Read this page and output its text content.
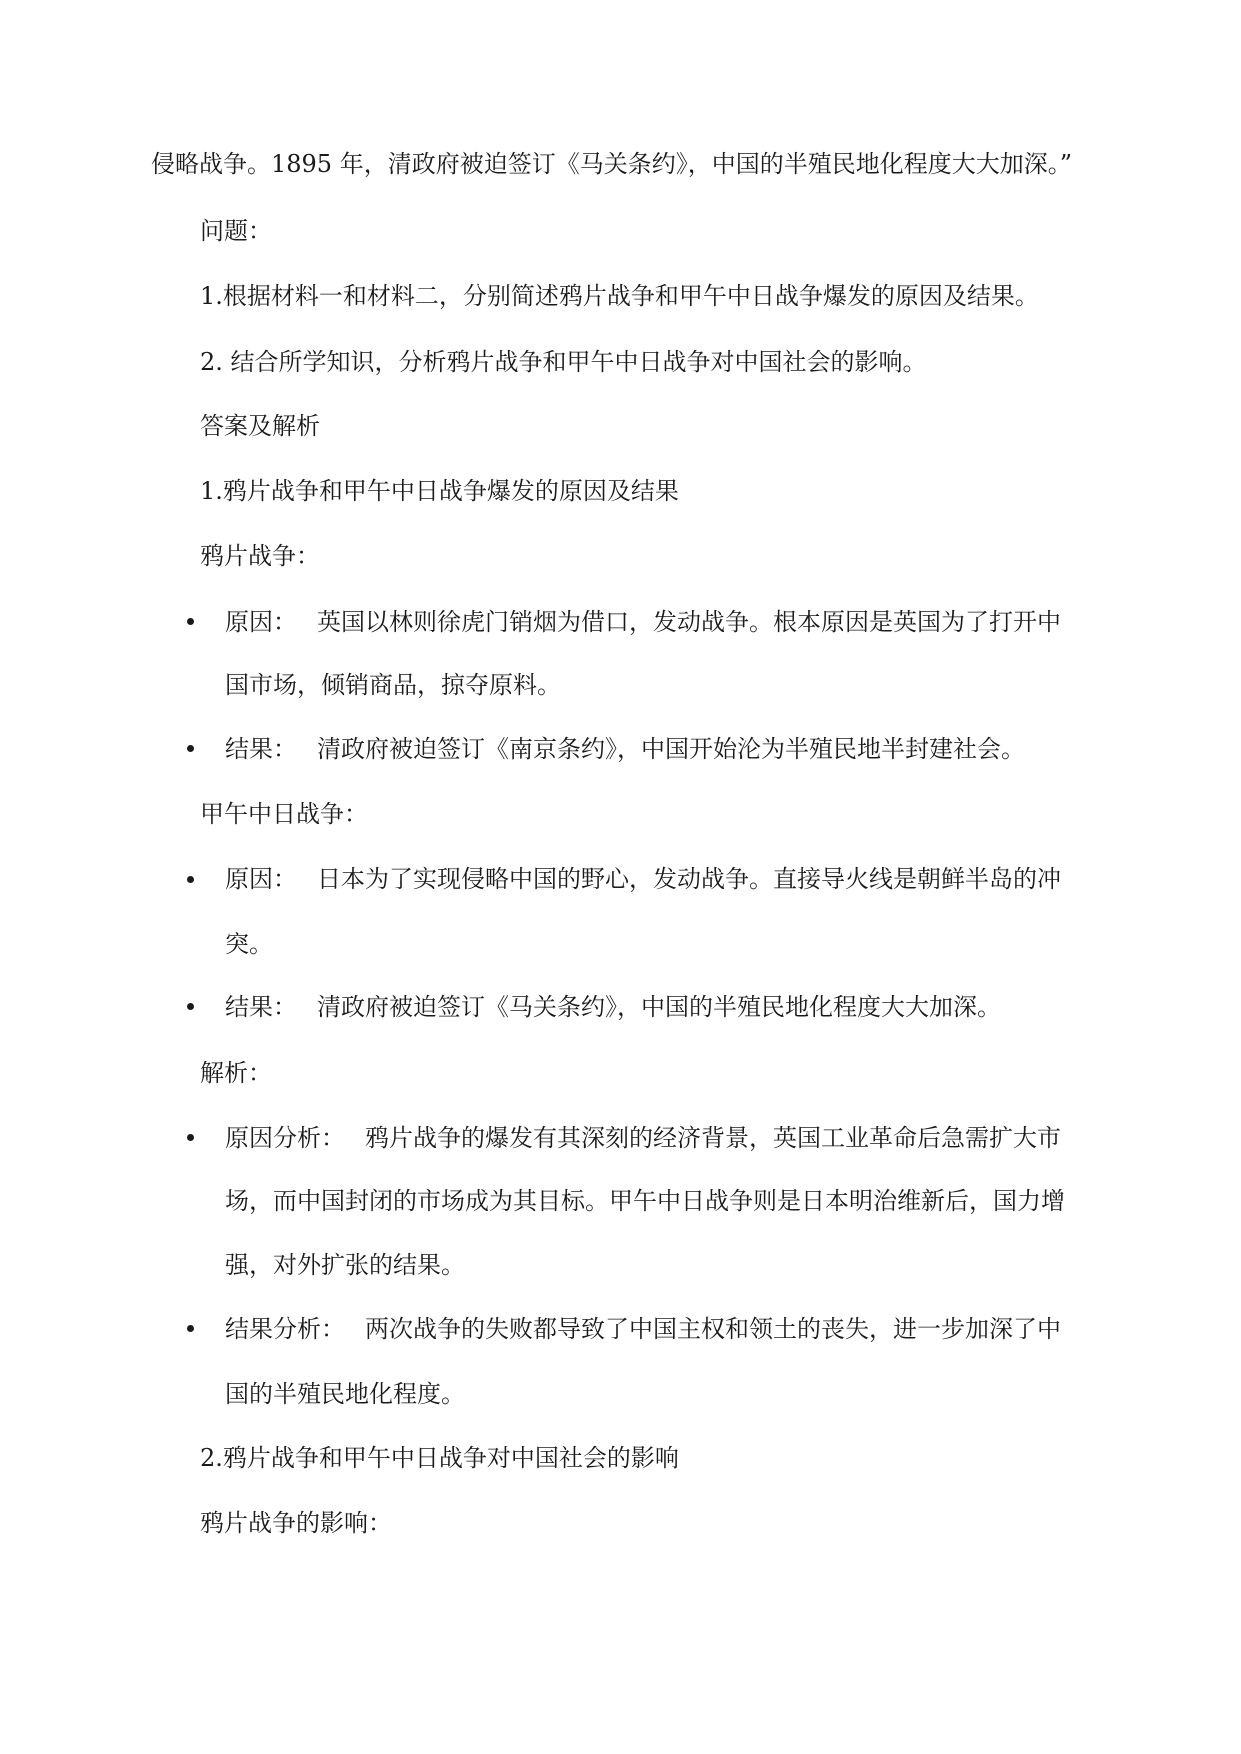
侵略战争。1895 年，清政府被迫签订《马关条约》，中国的半殖民地化程度大大加深。”

问题：

1.根据材料一和材料二，分别简述鸦片战争和甲午中日战争爆发的原因及结果。

2. 结合所学知识，分析鸦片战争和甲午中日战争对中国社会的影响。

答案及解析

1.鸦片战争和甲午中日战争爆发的原因及结果

鸦片战争：

原因： 英国以林则徐虎门销烟为借口，发动战争。根本原因是英国为了打开中

国市场，倾销商品，掠夺原料。

结果： 清政府被迫签订《南京条约》，中国开始沦为半殖民地半封建社会。

甲午中日战争：

原因： 日本为了实现侵略中国的野心，发动战争。直接导火线是朝鲜半岛的冲

突。

结果： 清政府被迫签订《马关条约》，中国的半殖民地化程度大大加深。

解析：

原因分析： 鸦片战争的爆发有其深刻的经济背景，英国工业革命后急需扩大市

场，而中国封闭的市场成为其目标。甲午中日战争则是日本明治维新后，国力增

强，对外扩张的结果。

结果分析： 两次战争的失败都导致了中国主权和领土的丧失，进一步加深了中

国的半殖民地化程度。

2.鸦片战争和甲午中日战争对中国社会的影响

鸦片战争的影响：
